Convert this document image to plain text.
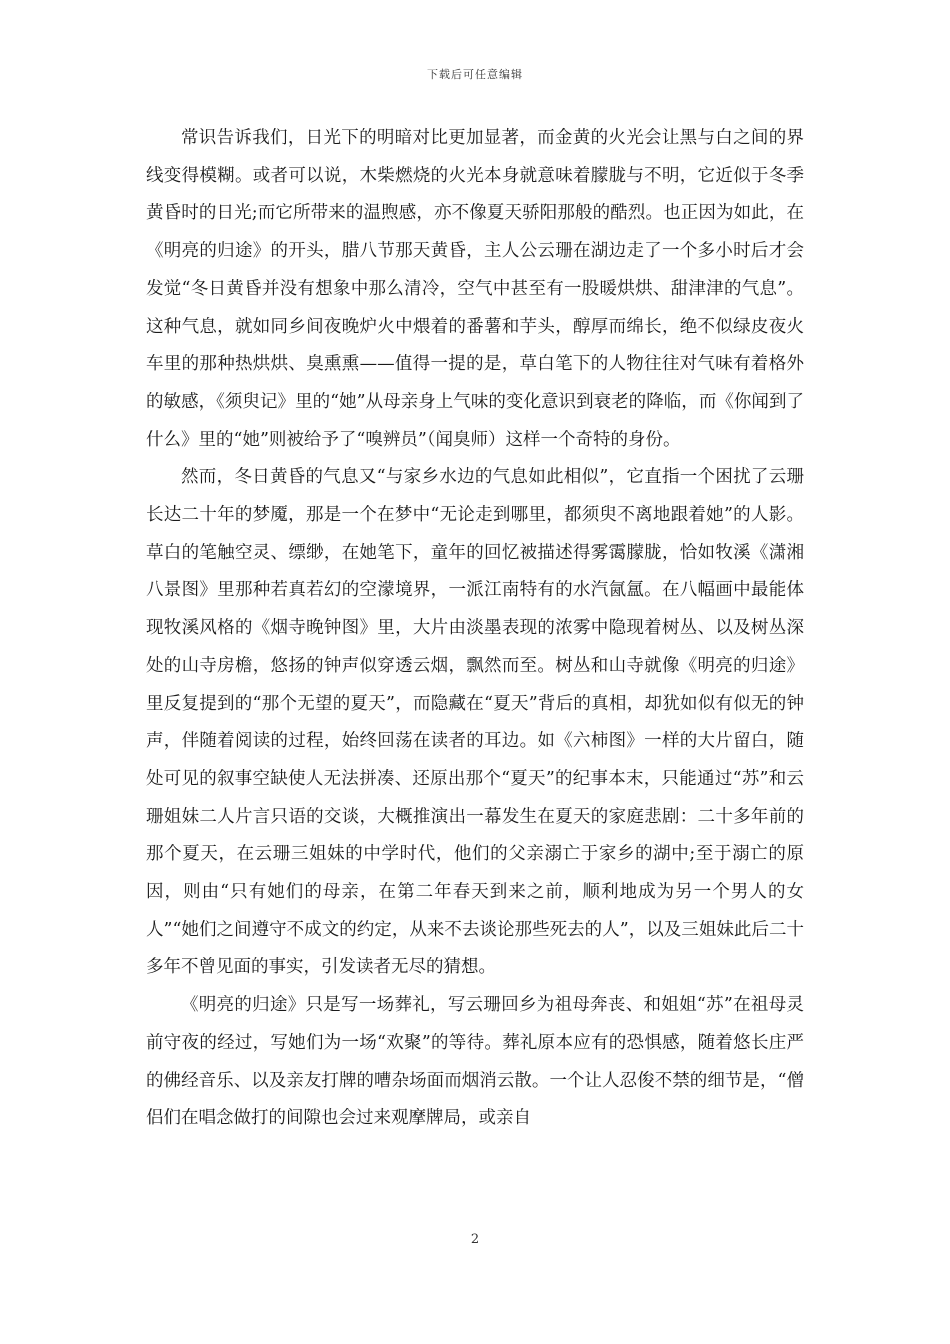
下载后可任意编辑

常识告诉我们，日光下的明暗对比更加显著，而金黄的火光会让黑与白之间的界线变得模糊。或者可以说，木柴燃烧的火光本身就意味着朦胧与不明，它近似于冬季黄昏时的日光;而它所带来的温煦感，亦不像夏天骄阳那般的酷烈。也正因为如此，在《明亮的归途》的开头，腊八节那天黄昏，主人公云珊在湖边走了一个多小时后才会发觉“冬日黄昏并没有想象中那么清冷，空气中甚至有一股暖烘烘、甜津津的气息”。这种气息，就如同乡间夜晚炉火中煨着的番薯和芋头，醇厚而绵长，绝不似绿皮夜火车里的那种热烘烘、臭熏熏——值得一提的是，草白笔下的人物往往对气味有着格外的敏感，《须臾记》里的“她”从母亲身上气味的变化意识到衰老的降临，而《你闻到了什么》里的“她”则被给予了“嗅辨员”（闻臭师）这样一个奇特的身份。

然而，冬日黄昏的气息又“与家乡水边的气息如此相似”，它直指一个困扰了云珊长达二十年的梦魇，那是一个在梦中“无论走到哪里，都须臾不离地跟着她”的人影。草白的笔触空灵、缥缈，在她笔下，童年的回忆被描述得雾霭朦胧，恰如牧溪《潇湘八景图》里那种若真若幻的空濛境界，一派江南特有的水汽氤氲。在八幅画中最能体现牧溪风格的《烟寺晚钟图》里，大片由淡墨表现的浓雾中隐现着树丛、以及树丛深处的山寺房檐，悠扬的钟声似穿透云烟，飘然而至。树丛和山寺就像《明亮的归途》里反复提到的“那个无望的夏天”，而隐藏在“夏天”背后的真相，却犹如似有似无的钟声，伴随着阅读的过程，始终回荡在读者的耳边。如《六柿图》一样的大片留白，随处可见的叙事空缺使人无法拼凑、还原出那个“夏天”的纪事本末，只能通过“苏”和云珊姐妹二人片言只语的交谈，大概推演出一幕发生在夏天的家庭悲剧：二十多年前的那个夏天，在云珊三姐妹的中学时代，他们的父亲溺亡于家乡的湖中;至于溺亡的原因，则由“只有她们的母亲，在第二年春天到来之前，顺利地成为另一个男人的女人”“她们之间遵守不成文的约定，从来不去谈论那些死去的人”，以及三姐妹此后二十多年不曾见面的事实，引发读者无尽的猜想。

《明亮的归途》只是写一场葬礼，写云珊回乡为祖母奔丧、和姐姐“苏”在祖母灵前守夜的经过，写她们为一场“欢聚”的等待。葬礼原本应有的恐惧感，随着悠长庄严的佛经音乐、以及亲友打牌的嘈杂场面而烟消云散。一个让人忍俊不禁的细节是，“僧侣们在唱念做打的间隙也会过来观摩牌局，或亲自

2
